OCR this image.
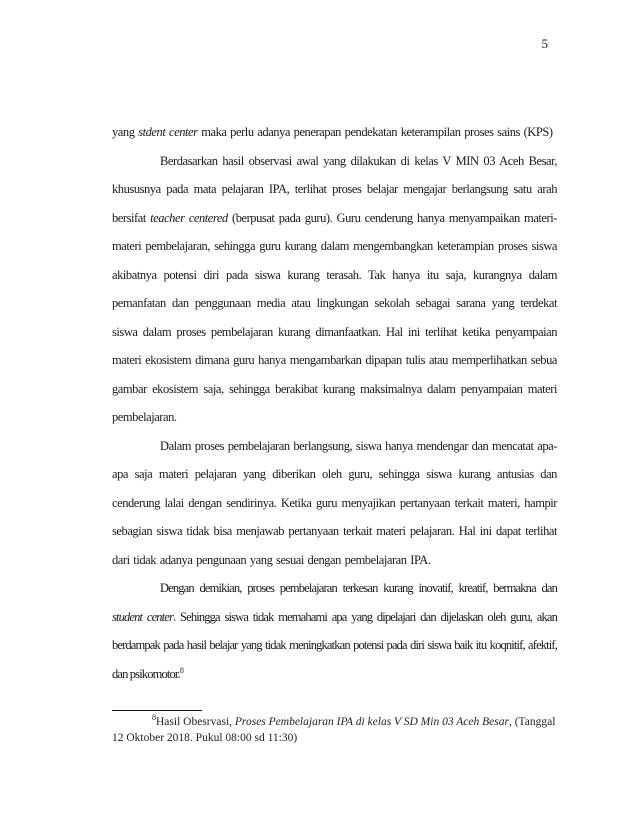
5

yang stdent center maka perlu adanya penerapan pendekatan keterampilan proses sains (KPS)

Berdasarkan hasil observasi awal yang dilakukan di kelas V MIN 03 Aceh Besar, khususnya pada mata pelajaran IPA, terlihat proses belajar mengajar berlangsung satu arah bersifat teacher centered (berpusat pada guru). Guru cenderung hanya menyampaikan materi-materi pembelajaran, sehingga guru kurang dalam mengembangkan keterampian proses siswa akibatnya potensi diri pada siswa kurang terasah. Tak hanya itu saja, kurangnya dalam pemanfatan dan penggunaan media atau lingkungan sekolah sebagai sarana yang terdekat siswa dalam proses pembelajaran kurang dimanfaatkan. Hal ini terlihat ketika penyampaian materi ekosistem dimana guru hanya mengambarkan dipapan tulis atau memperlihatkan sebua gambar ekosistem saja, sehingga berakibat kurang maksimalnya dalam penyampaian materi pembelajaran.

Dalam proses pembelajaran berlangsung, siswa hanya mendengar dan mencatat apa-apa saja materi pelajaran yang diberikan oleh guru, sehingga siswa kurang antusias dan cenderung lalai dengan sendirinya. Ketika guru menyajikan pertanyaan terkait materi, hampir sebagian siswa tidak bisa menjawab pertanyaan terkait materi pelajaran. Hal ini dapat terlihat dari tidak adanya pengunaan yang sesuai dengan pembelajaran IPA.

Dengan demikian, proses pembelajaran terkesan kurang inovatif, kreatif, bermakna dan student center. Sehingga siswa tidak memahami apa yang dipelajari dan dijelaskan oleh guru, akan berdampak pada hasil belajar yang tidak meningkatkan potensi pada diri siswa baik itu koqnitif, afektif, dan psikomotor.$^8$

$^8$Hasil Obesrvasi, Proses Pembelajaran IPA di kelas V SD Min 03 Aceh Besar, (Tanggal 12 Oktober 2018. Pukul 08:00 sd 11:30)
